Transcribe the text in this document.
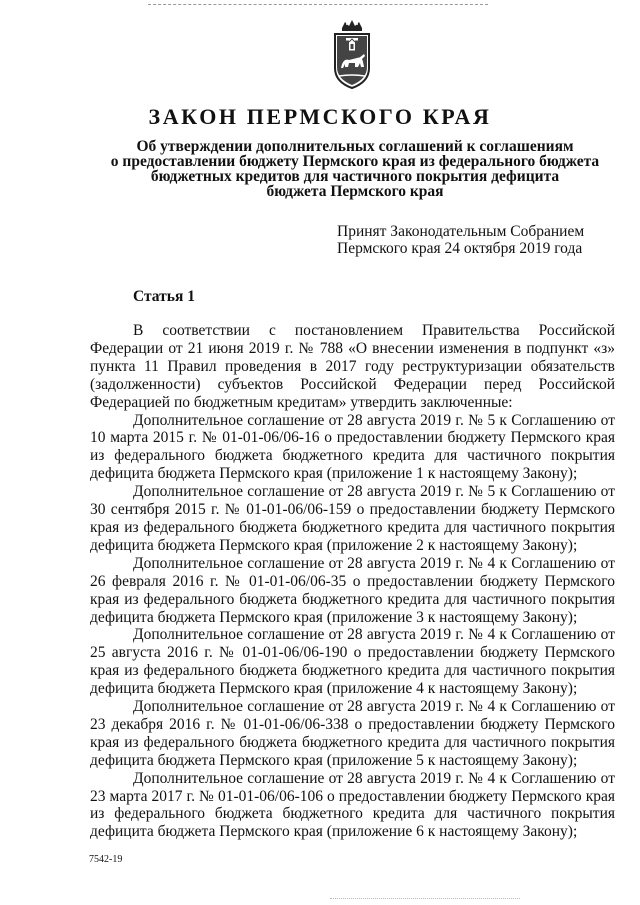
ЗАКОН ПЕРМСКОГО КРАЯ
Об утверждении дополнительных соглашений к соглашениям
о предоставлении бюджету Пермского края из федерального бюджета
бюджетных кредитов для частичного покрытия дефицита
бюджета Пермского края
Принят Законодательным Собранием
Пермского края 24 октября 2019 года
Статья 1

В соответствии с постановлением Правительства Российской Федерации от 21 июня 2019 г. № 788 «О внесении изменения в подпункт «з» пункта 11 Правил проведения в 2017 году реструктуризации обязательств (задолженности) субъектов Российской Федерации перед Российской Федерацией по бюджетным кредитам» утвердить заключенные:

Дополнительное соглашение от 28 августа 2019 г. № 5 к Соглашению от 10 марта 2015 г. № 01-01-06/06-16 о предоставлении бюджету Пермского края из федерального бюджета бюджетного кредита для частичного покрытия дефицита бюджета Пермского края (приложение 1 к настоящему Закону);

Дополнительное соглашение от 28 августа 2019 г. № 5 к Соглашению от 30 сентября 2015 г. № 01-01-06/06-159 о предоставлении бюджету Пермского края из федерального бюджета бюджетного кредита для частичного покрытия дефицита бюджета Пермского края (приложение 2 к настоящему Закону);

Дополнительное соглашение от 28 августа 2019 г. № 4 к Соглашению от 26 февраля 2016 г. № 01-01-06/06-35 о предоставлении бюджету Пермского края из федерального бюджета бюджетного кредита для частичного покрытия дефицита бюджета Пермского края (приложение 3 к настоящему Закону);

Дополнительное соглашение от 28 августа 2019 г. № 4 к Соглашению от 25 августа 2016 г. № 01-01-06/06-190 о предоставлении бюджету Пермского края из федерального бюджета бюджетного кредита для частичного покрытия дефицита бюджета Пермского края (приложение 4 к настоящему Закону);

Дополнительное соглашение от 28 августа 2019 г. № 4 к Соглашению от 23 декабря 2016 г. № 01-01-06/06-338 о предоставлении бюджету Пермского края из федерального бюджета бюджетного кредита для частичного покрытия дефицита бюджета Пермского края (приложение 5 к настоящему Закону);

Дополнительное соглашение от 28 августа 2019 г. № 4 к Соглашению от 23 марта 2017 г. № 01-01-06/06-106 о предоставлении бюджету Пермского края из федерального бюджета бюджетного кредита для частичного покрытия дефицита бюджета Пермского края (приложение 6 к настоящему Закону);

7542-19
